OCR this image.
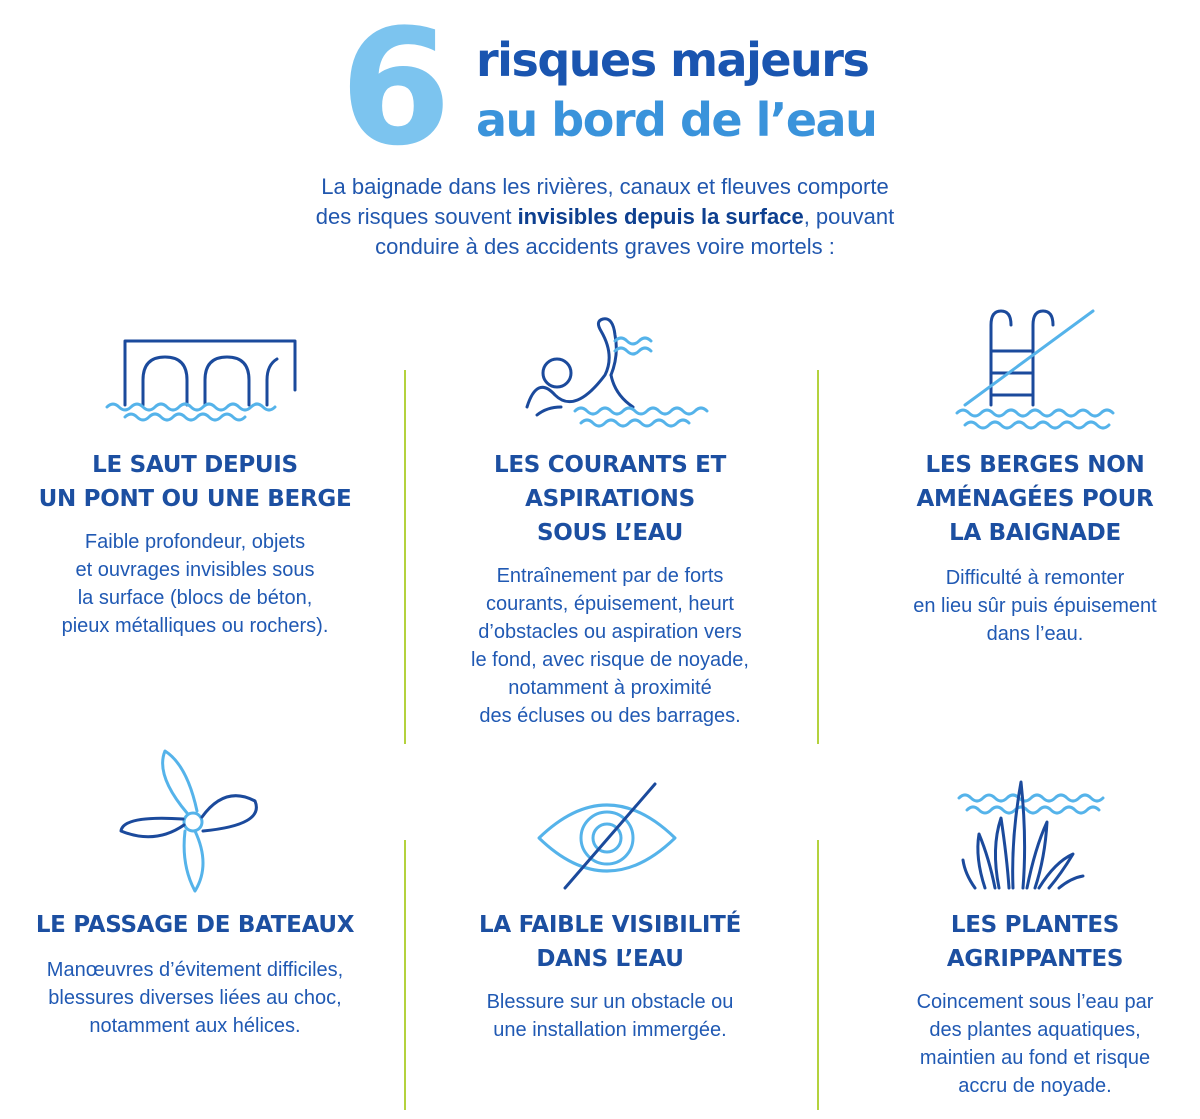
6 risques majeurs
au bord de l’eau
La baignade dans les rivières, canaux et fleuves comporte
des risques souvent invisibles depuis la surface, pouvant
conduire à des accidents graves voire mortels :
LE SAUT DEPUIS
UN PONT OU UNE BERGE

Faible profondeur, objets
et ouvrages invisibles sous
la surface (blocs de béton,
pieux métalliques ou rochers).

LES COURANTS ET
ASPIRATIONS
SOUS L’EAU

Entraînement par de forts
courants, épuisement, heurt
d’obstacles ou aspiration vers
le fond, avec risque de noyade,
notamment à proximité
des écluses ou des barrages.

LES BERGES NON
AMÉNAGÉES POUR
LA BAIGNADE

Difficulté à remonter
en lieu sûr puis épuisement
dans l’eau.

LE PASSAGE DE BATEAUX

Manœuvres d’évitement difficiles,
blessures diverses liées au choc,
notamment aux hélices.

LA FAIBLE VISIBILITÉ
DANS L’EAU

Blessure sur un obstacle ou
une installation immergée.

LES PLANTES
AGRIPPANTES

Coincement sous l’eau par
des plantes aquatiques,
maintien au fond et risque
accru de noyade.
